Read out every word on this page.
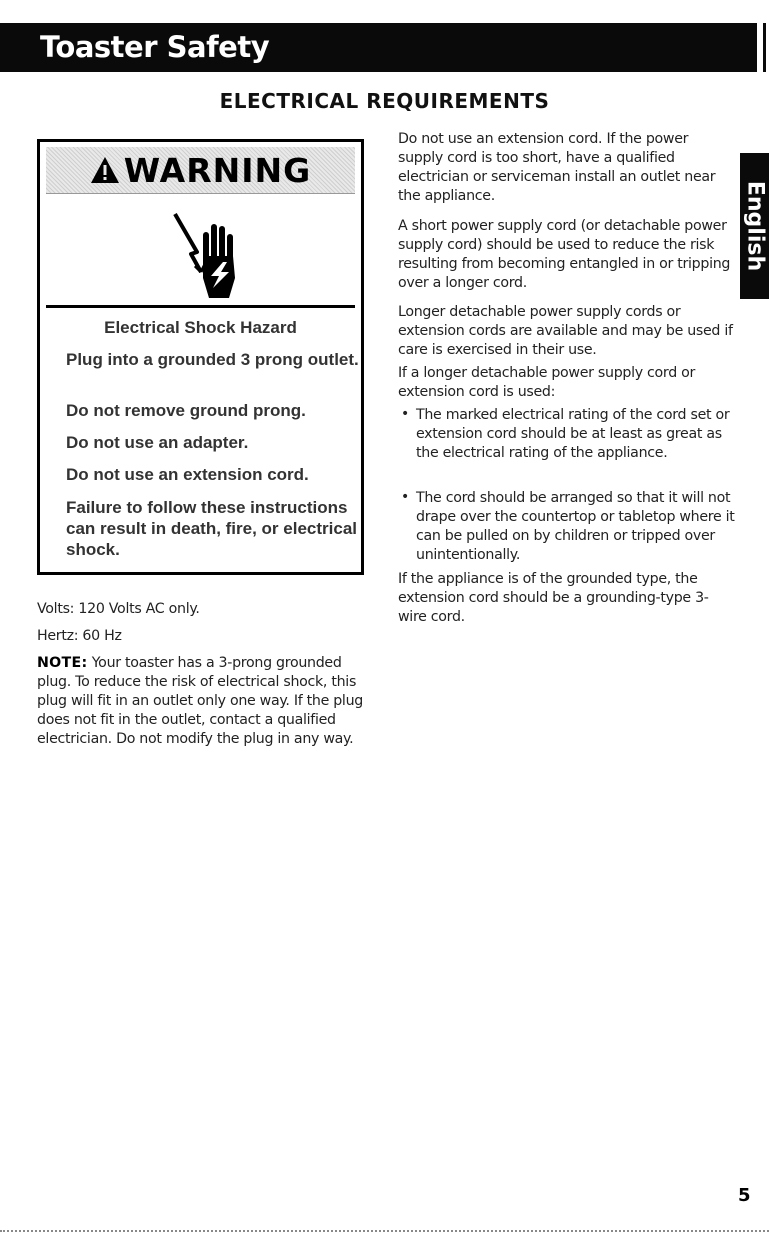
Toaster Safety
ELECTRICAL REQUIREMENTS
WARNING
Electrical Shock Hazard
Plug into a grounded 3 prong outlet.
Do not remove ground prong.
Do not use an adapter.
Do not use an extension cord.
Failure to follow these instructions can result in death, fire, or electrical shock.
Volts: 120 Volts AC only.
Hertz: 60 Hz
NOTE: Your toaster has a 3-prong grounded plug. To reduce the risk of electrical shock, this plug will fit in an outlet only one way. If the plug does not fit in the outlet, contact a qualified electrician. Do not modify the plug in any way.
Do not use an extension cord. If the power supply cord is too short, have a qualified electrician or serviceman install an outlet near the appliance.
A short power supply cord (or detachable power supply cord) should be used to reduce the risk resulting from becoming entangled in or tripping over a longer cord.
Longer detachable power supply cords or extension cords are available and may be used if care is exercised in their use.
If a longer detachable power supply cord or extension cord is used:
• The marked electrical rating of the cord set or extension cord should be at least as great as the electrical rating of the appliance.
• The cord should be arranged so that it will not drape over the countertop or tabletop where it can be pulled on by children or tripped over unintentionally.
If the appliance is of the grounded type, the extension cord should be a grounding-type 3-wire cord.
English
5
